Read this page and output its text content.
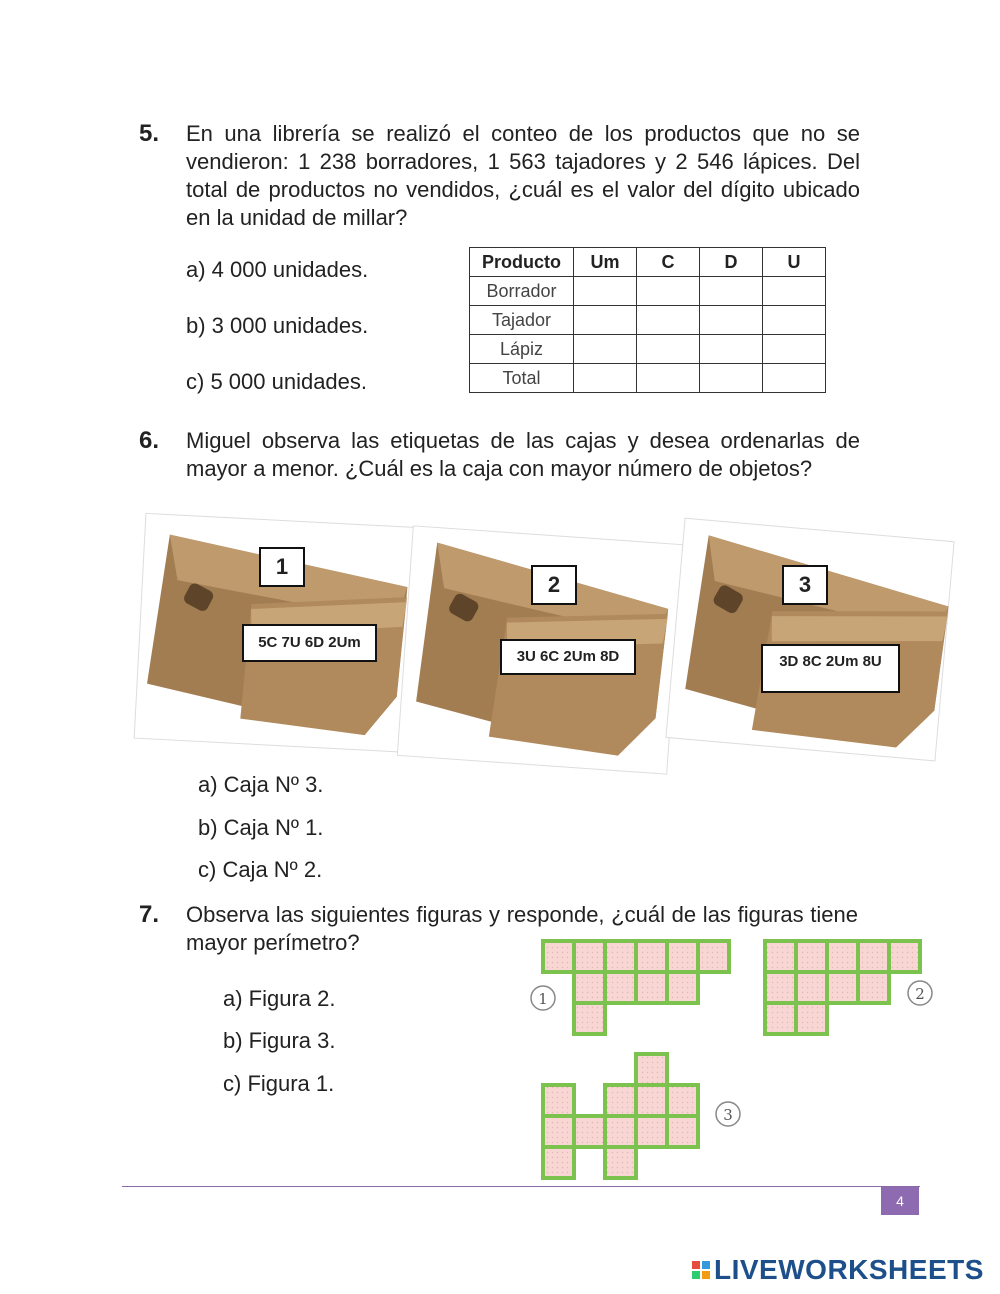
5. En una librería se realizó el conteo de los productos que no se vendieron: 1 238 borradores, 1 563 tajadores y 2 546 lápices. Del total de productos no vendidos, ¿cuál es el valor del dígito ubicado en la unidad de millar?
a) 4 000 unidades.
b) 3 000 unidades.
c) 5 000 unidades.
Producto	Um	C	D	U
Borrador				
Tajador				
Lápiz				
Total				
6. Miguel observa las etiquetas de las cajas y desea ordenarlas de mayor a menor. ¿Cuál es la caja con mayor número de objetos?
1
2	3
5C 7U 6D 2Um
3U 6C 2Um 8D	3D 8C 2Um 8U
a) Caja Nº 3.
b) Caja Nº 1.
c) Caja Nº 2.
7. Observa las siguientes figuras y responde, ¿cuál de las figuras tiene mayor perímetro?
a) Figura 2.
b) Figura 3.
c) Figura 1.
1	2
3
4
LIVEWORKSHEETS
